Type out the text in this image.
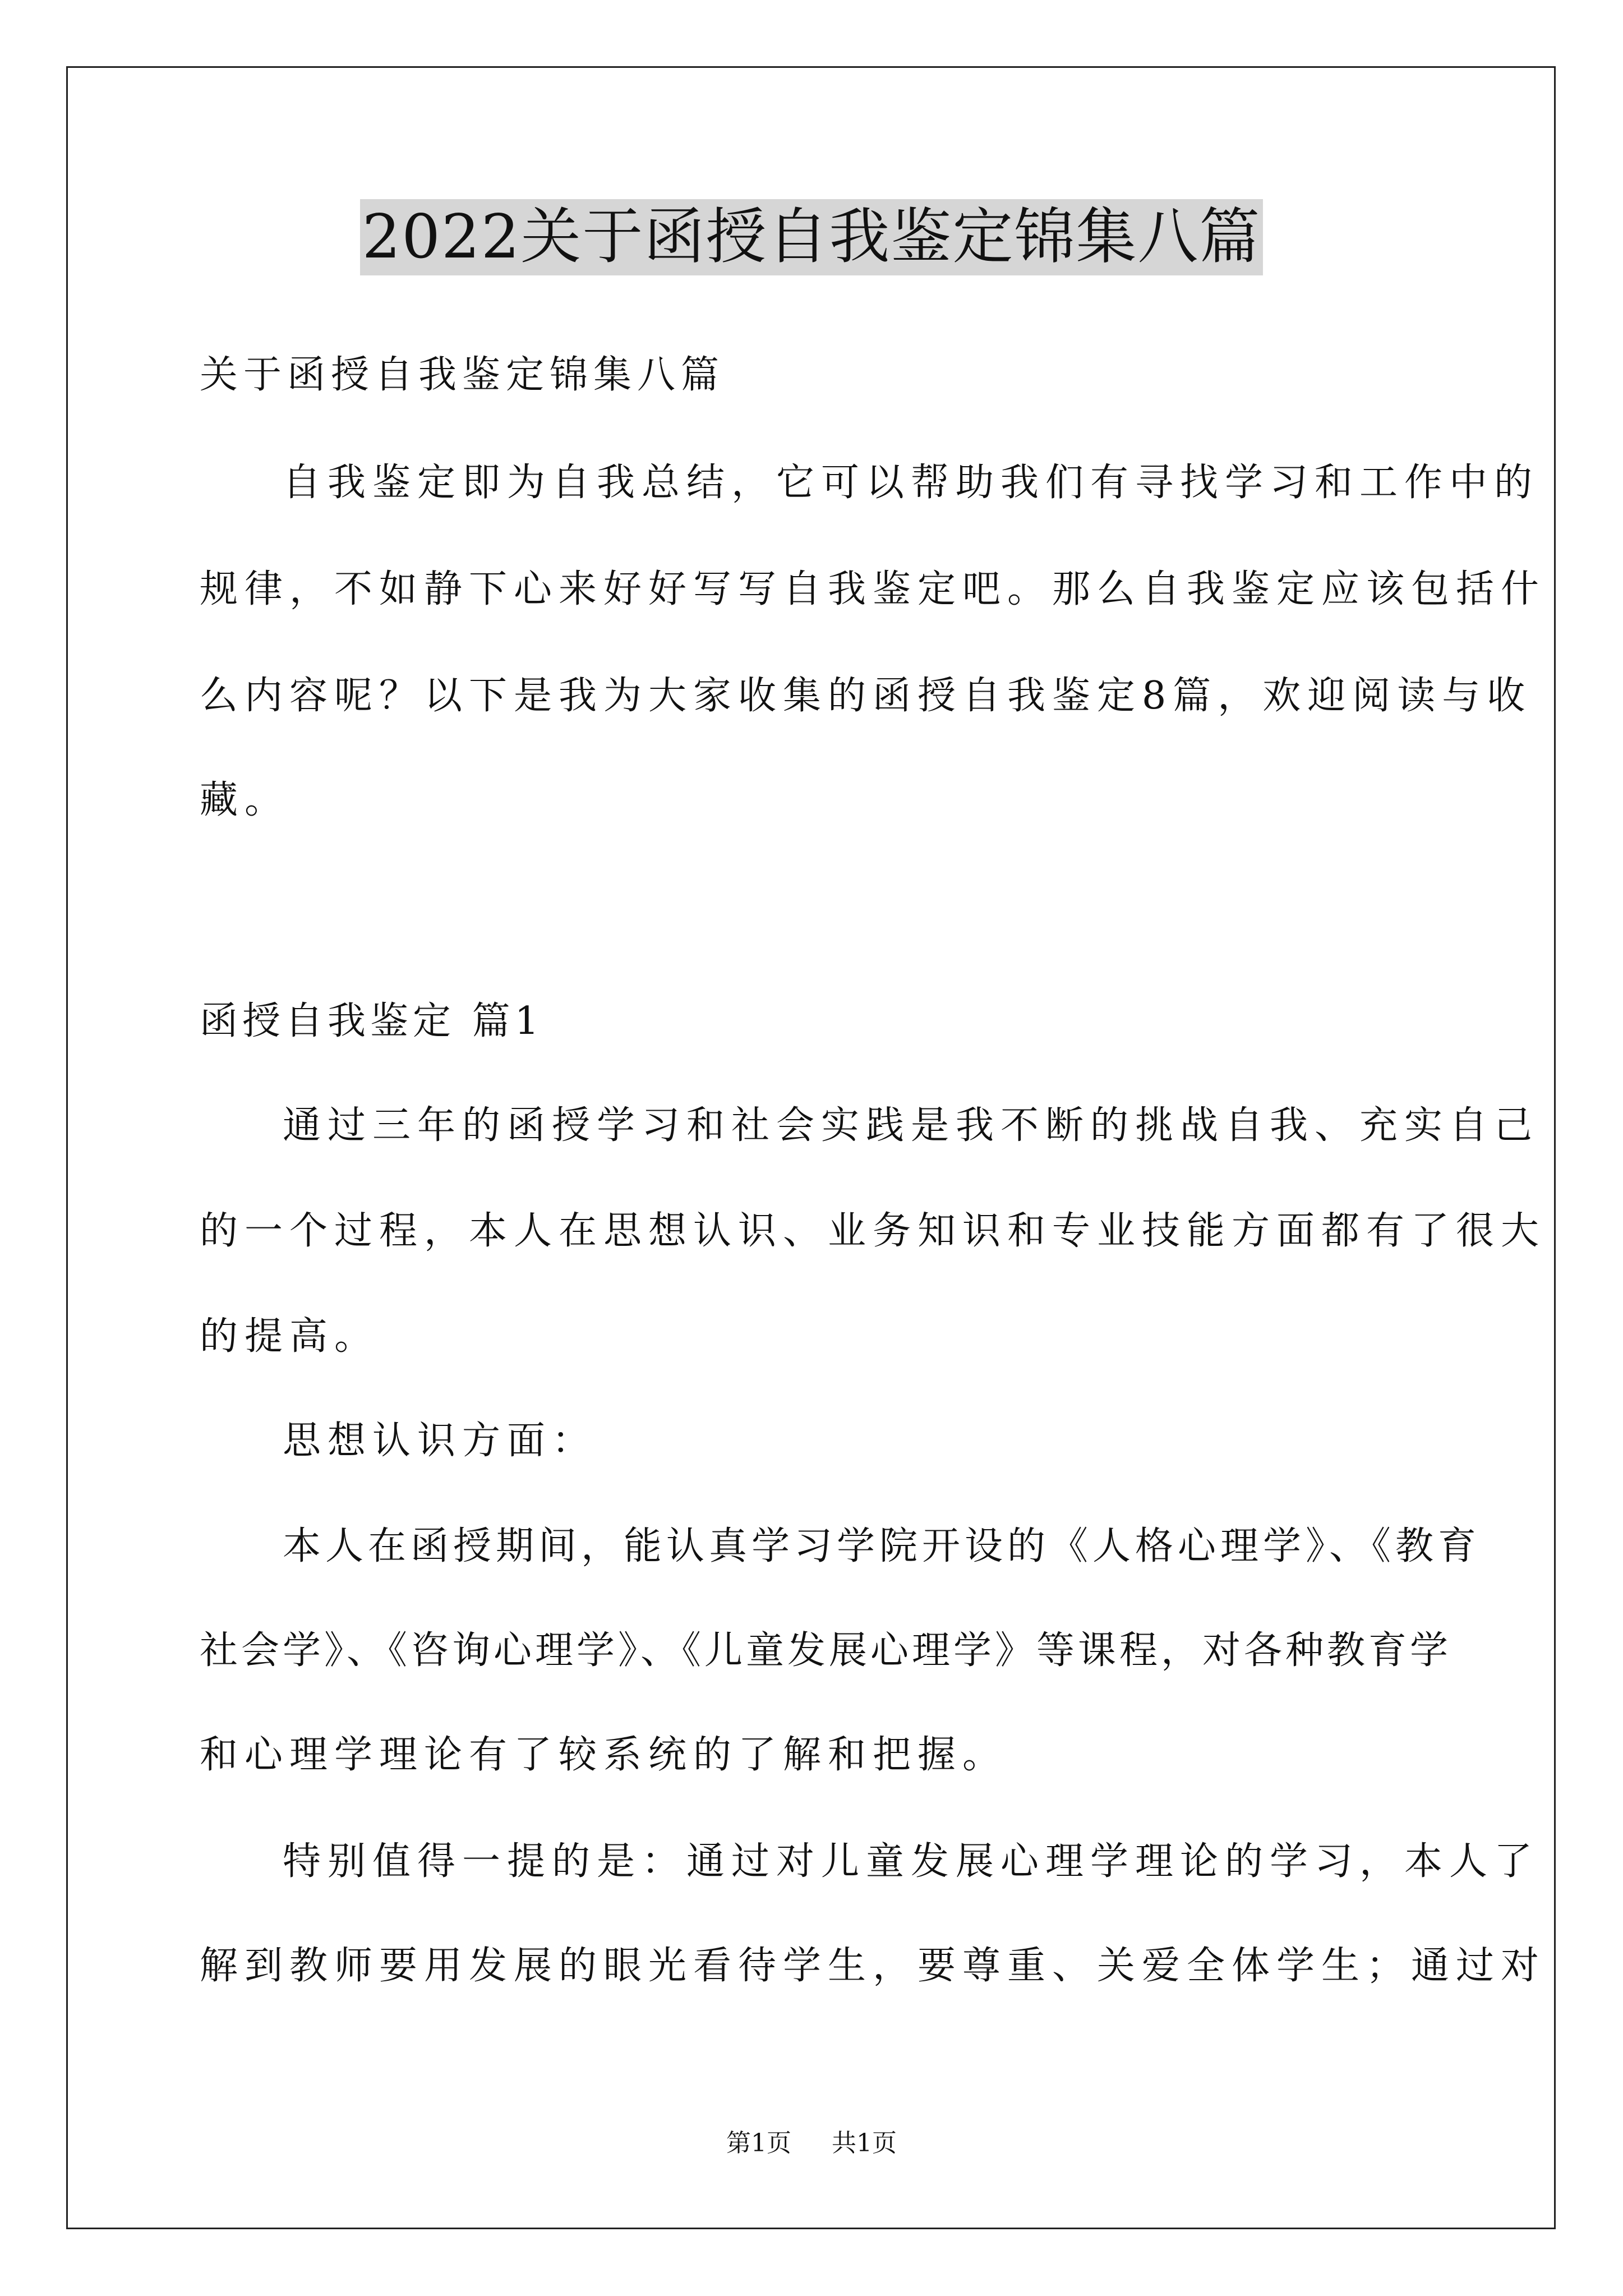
2022关于函授自我鉴定锦集八篇
关于函授自我鉴定锦集八篇
自我鉴定即为自我总结，它可以帮助我们有寻找学习和工作中的
规律，不如静下心来好好写写自我鉴定吧。那么自我鉴定应该包括什
么内容呢？以下是我为大家收集的函授自我鉴定8篇，欢迎阅读与收
藏。
函授自我鉴定 篇1
通过三年的函授学习和社会实践是我不断的挑战自我、充实自己
的一个过程，本人在思想认识、业务知识和专业技能方面都有了很大
的提高。
思想认识方面：
本人在函授期间，能认真学习学院开设的《人格心理学》、《教育
社会学》、《咨询心理学》、《儿童发展心理学》等课程，对各种教育学
和心理学理论有了较系统的了解和把握。
特别值得一提的是：通过对儿童发展心理学理论的学习，本人了
解到教师要用发展的眼光看待学生，要尊重、关爱全体学生；通过对
第1页 共1页
